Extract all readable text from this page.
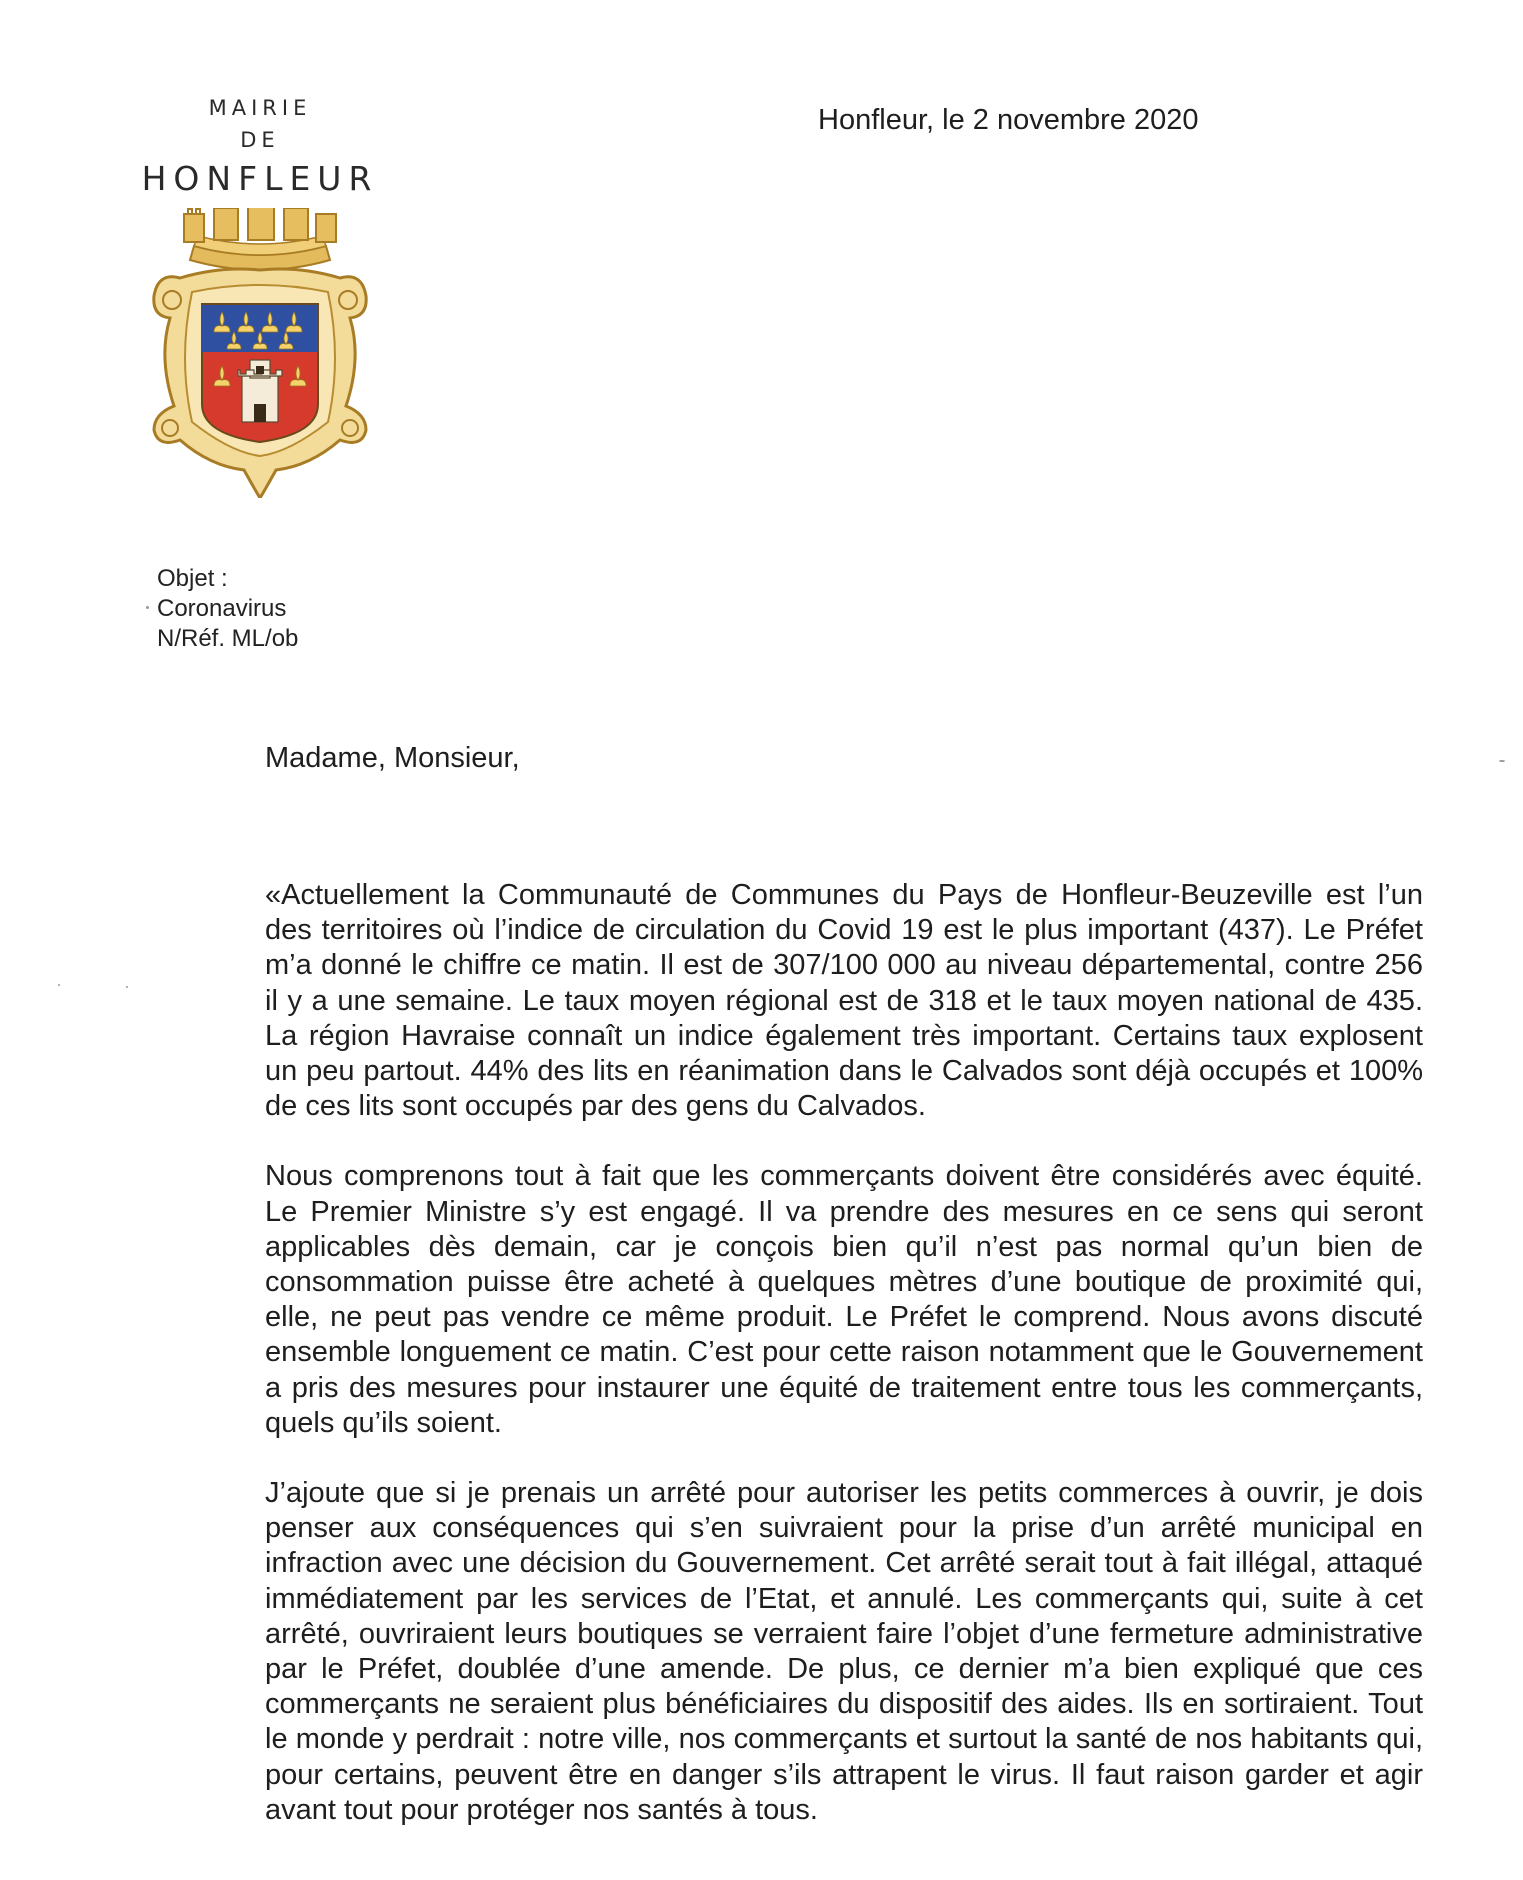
MAIRIE
DE
HONFLEUR
Honfleur, le 2 novembre 2020
Objet :
Coronavirus
N/Réf. ML/ob
Madame, Monsieur,

«Actuellement la Communauté de Communes du Pays de Honfleur-Beuzeville est l’un des territoires où l’indice de circulation du Covid 19 est le plus important (437). Le Préfet m’a donné le chiffre ce matin. Il est de 307/100 000 au niveau départemental, contre 256 il y a une semaine. Le taux moyen régional est de 318 et le taux moyen national de 435. La région Havraise connaît un indice également très important. Certains taux explosent un peu partout. 44% des lits en réanimation dans le Calvados sont déjà occupés et 100% de ces lits sont occupés par des gens du Calvados.

Nous comprenons tout à fait que les commerçants doivent être considérés avec équité. Le Premier Ministre s’y est engagé. Il va prendre des mesures en ce sens qui seront applicables dès demain, car je conçois bien qu’il n’est pas normal qu’un bien de consommation puisse être acheté à quelques mètres d’une boutique de proximité qui, elle, ne peut pas vendre ce même produit. Le Préfet le comprend. Nous avons discuté ensemble longuement ce matin. C’est pour cette raison notamment que le Gouvernement a pris des mesures pour instaurer une équité de traitement entre tous les commerçants, quels qu’ils soient.

J’ajoute que si je prenais un arrêté pour autoriser les petits commerces à ouvrir, je dois penser aux conséquences qui s’en suivraient pour la prise d’un arrêté municipal en infraction avec une décision du Gouvernement. Cet arrêté serait tout à fait illégal, attaqué immédiatement par les services de l’Etat, et annulé. Les commerçants qui, suite à cet arrêté, ouvriraient leurs boutiques se verraient faire l’objet d’une fermeture administrative par le Préfet, doublée d’une amende. De plus, ce dernier m’a bien expliqué que ces commerçants ne seraient plus bénéficiaires du dispositif des aides. Ils en sortiraient. Tout le monde y perdrait : notre ville, nos commerçants et surtout la santé de nos habitants qui, pour certains, peuvent être en danger s’ils attrapent le virus. Il faut raison garder et agir avant tout pour protéger nos santés à tous.
